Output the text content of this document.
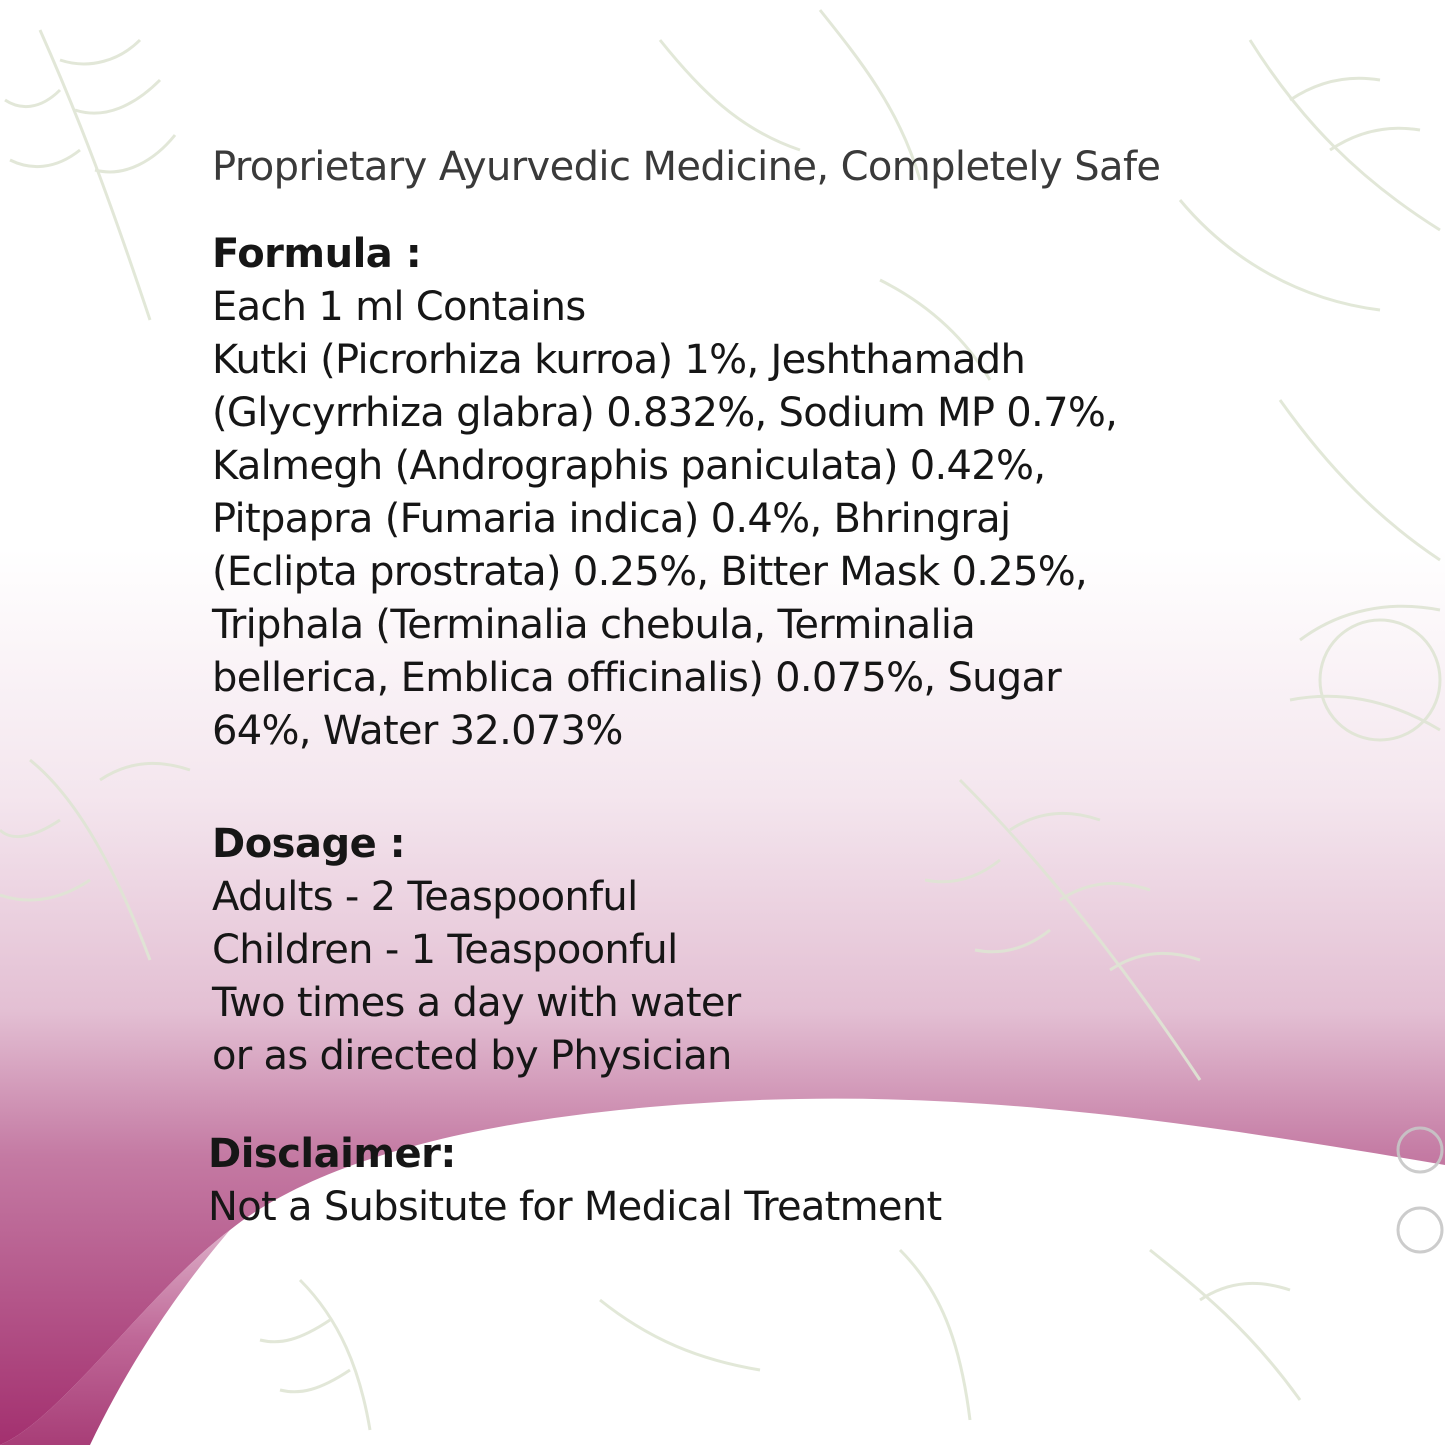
Proprietary Ayurvedic Medicine, Completely Safe
Formula :
Each 1 ml Contains
Kutki (Picrorhiza kurroa) 1%, Jeshthamadh
(Glycyrrhiza glabra) 0.832%, Sodium MP 0.7%,
Kalmegh (Andrographis paniculata) 0.42%,
Pitpapra (Fumaria indica) 0.4%, Bhringraj
(Eclipta prostrata) 0.25%, Bitter Mask 0.25%,
Triphala (Terminalia chebula, Terminalia
bellerica, Emblica officinalis) 0.075%, Sugar
64%, Water 32.073%
Dosage :
Adults - 2 Teaspoonful
Children - 1 Teaspoonful
Two times a day with water
or as directed by Physician
Disclaimer:
Not a Subsitute for Medical Treatment
